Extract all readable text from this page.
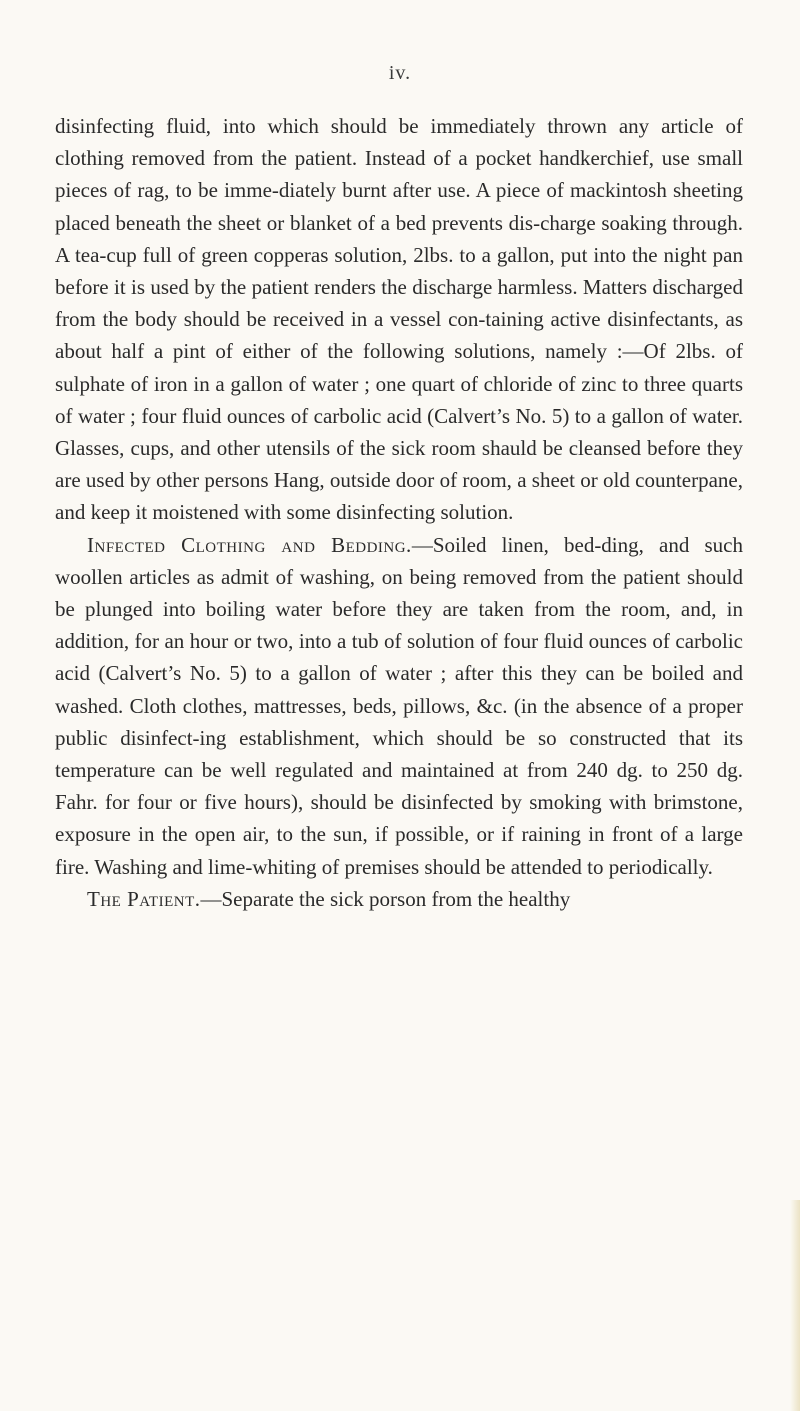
iv.

disinfecting fluid, into which should be immediately thrown any article of clothing removed from the patient. Instead of a pocket handkerchief, use small pieces of rag, to be imme-diately burnt after use. A piece of mackintosh sheeting placed beneath the sheet or blanket of a bed prevents dis-charge soaking through. A tea-cup full of green copperas solution, 2lbs. to a gallon, put into the night pan before it is used by the patient renders the discharge harmless. Matters discharged from the body should be received in a vessel con-taining active disinfectants, as about half a pint of either of the following solutions, namely :—Of 2lbs. of sulphate of iron in a gallon of water ; one quart of chloride of zinc to three quarts of water ; four fluid ounces of carbolic acid (Calvert’s No. 5) to a gallon of water. Glasses, cups, and other utensils of the sick room shauld be cleansed before they are used by other persons Hang, outside door of room, a sheet or old counterpane, and keep it moistened with some disinfecting solution.

Infected Clothing and Bedding.—Soiled linen, bed-ding, and such woollen articles as admit of washing, on being removed from the patient should be plunged into boiling water before they are taken from the room, and, in addition, for an hour or two, into a tub of solution of four fluid ounces of carbolic acid (Calvert’s No. 5) to a gallon of water ; after this they can be boiled and washed. Cloth clothes, mattresses, beds, pillows, &c. (in the absence of a proper public disinfect-ing establishment, which should be so constructed that its temperature can be well regulated and maintained at from 240 dg. to 250 dg. Fahr. for four or five hours), should be disinfected by smoking with brimstone, exposure in the open air, to the sun, if possible, or if raining in front of a large fire. Washing and lime-whiting of premises should be attended to periodically.

The Patient.—Separate the sick porson from the healthy
